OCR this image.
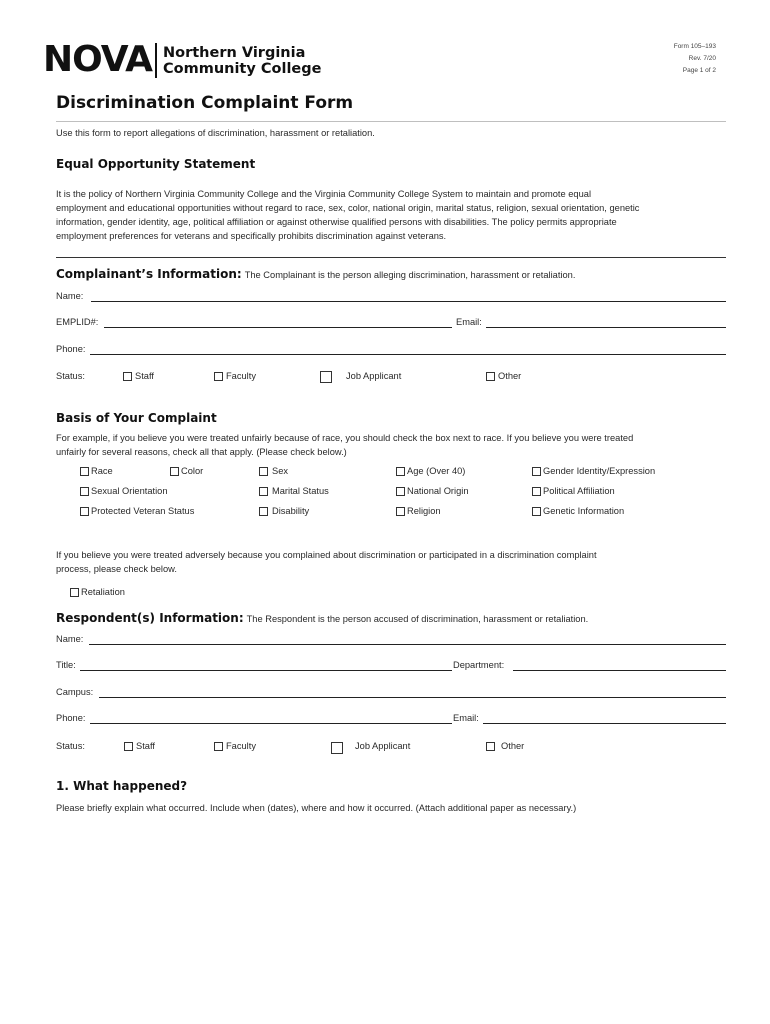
NOVA Northern Virginia
Community College
Form 105–193
Rev. 7/20
Page 1 of 2
Discrimination Complaint Form
Use this form to report allegations of discrimination, harassment or retaliation.
Equal Opportunity Statement
It is the policy of Northern Virginia Community College and the Virginia Community College System to maintain and promote equal
employment and educational opportunities without regard to race, sex, color, national origin, marital status, religion, sexual orientation, genetic
information, gender identity, age, political affiliation or against otherwise qualified persons with disabilities. The policy permits appropriate
employment preferences for veterans and specifically prohibits discrimination against veterans.
Complainant’s Information: The Complainant is the person alleging discrimination, harassment or retaliation.
Name:
EMPLID#:	Email:
Phone:
Status:	Staff	Faculty	Job Applicant	Other
Basis of Your Complaint
For example, if you believe you were treated unfairly because of race, you should check the box next to race. If you believe you were treated
unfairly for several reasons, check all that apply. (Please check below.)
Race	Color	Sex	Age (Over 40)	Gender Identity/Expression
Sexual Orientation	Marital Status	National Origin	Political Affiliation
Protected Veteran Status	Disability	Religion	Genetic Information
If you believe you were treated adversely because you complained about discrimination or participated in a discrimination complaint
process, please check below.
Retaliation
Respondent(s) Information: The Respondent is the person accused of discrimination, harassment or retaliation.
Name:
Title:	Department:
Campus:
Phone:	Email:
Status:	Staff	Faculty	Job Applicant	Other
1. What happened?
Please briefly explain what occurred. Include when (dates), where and how it occurred. (Attach additional paper as necessary.)
